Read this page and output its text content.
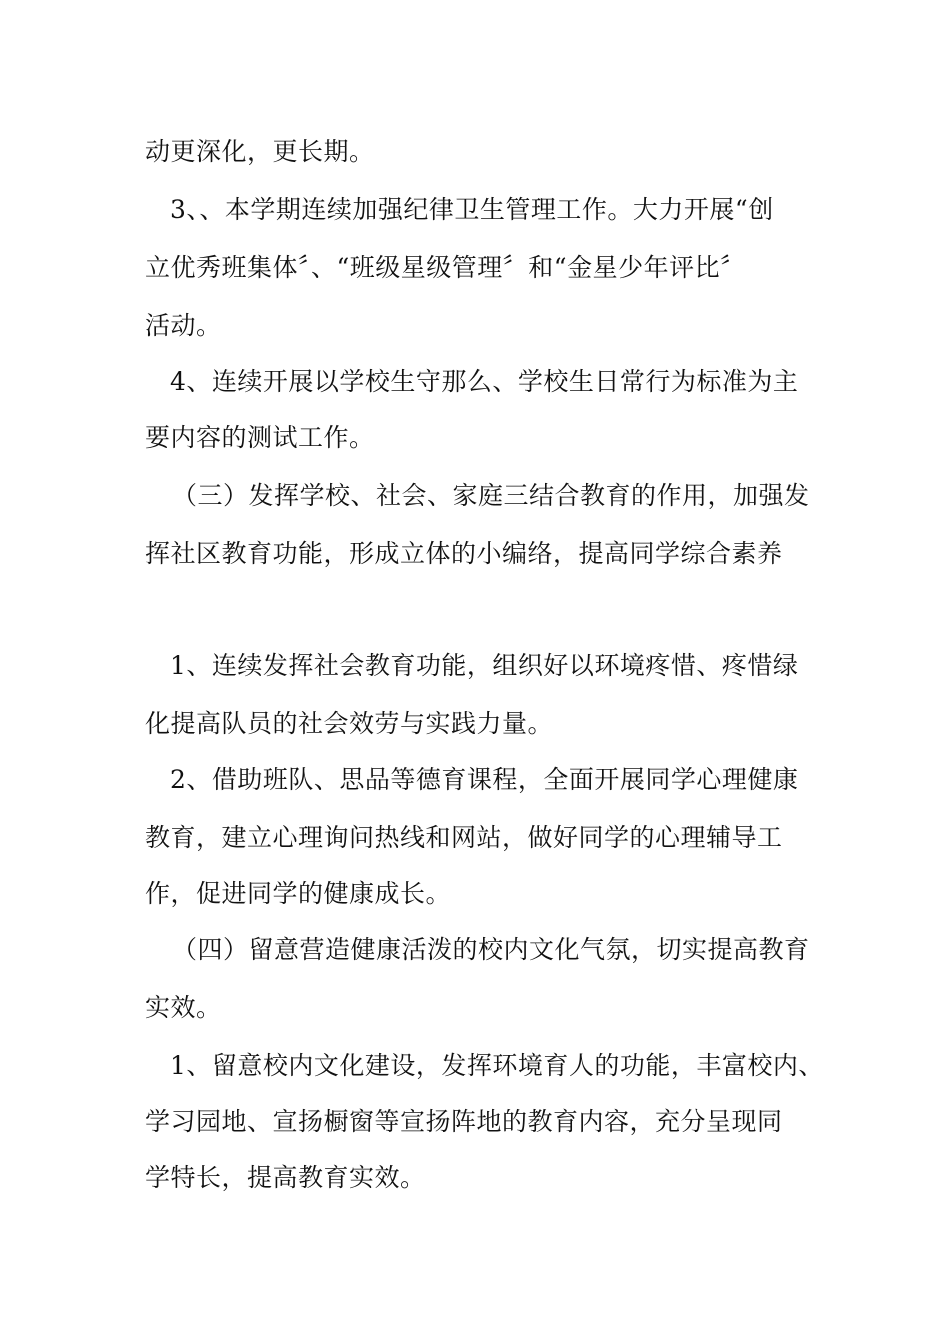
动更深化，更长期。
3、、本学期连续加强纪律卫生管理工作。大力开展“创
立优秀班集体〞、“班级星级管理〞和“金星少年评比〞
活动。
4、连续开展以学校生守那么、学校生日常行为标准为主
要内容的测试工作。
（三）发挥学校、社会、家庭三结合教育的作用，加强发
挥社区教育功能，形成立体的小编络，提高同学综合素养
1、连续发挥社会教育功能，组织好以环境疼惜、疼惜绿
化提高队员的社会效劳与实践力量。
2、借助班队、思品等德育课程，全面开展同学心理健康
教育，建立心理询问热线和网站，做好同学的心理辅导工
作，促进同学的健康成长。
（四）留意营造健康活泼的校内文化气氛，切实提高教育
实效。
1、留意校内文化建设，发挥环境育人的功能，丰富校内、
学习园地、宣扬橱窗等宣扬阵地的教育内容，充分呈现同
学特长，提高教育实效。
